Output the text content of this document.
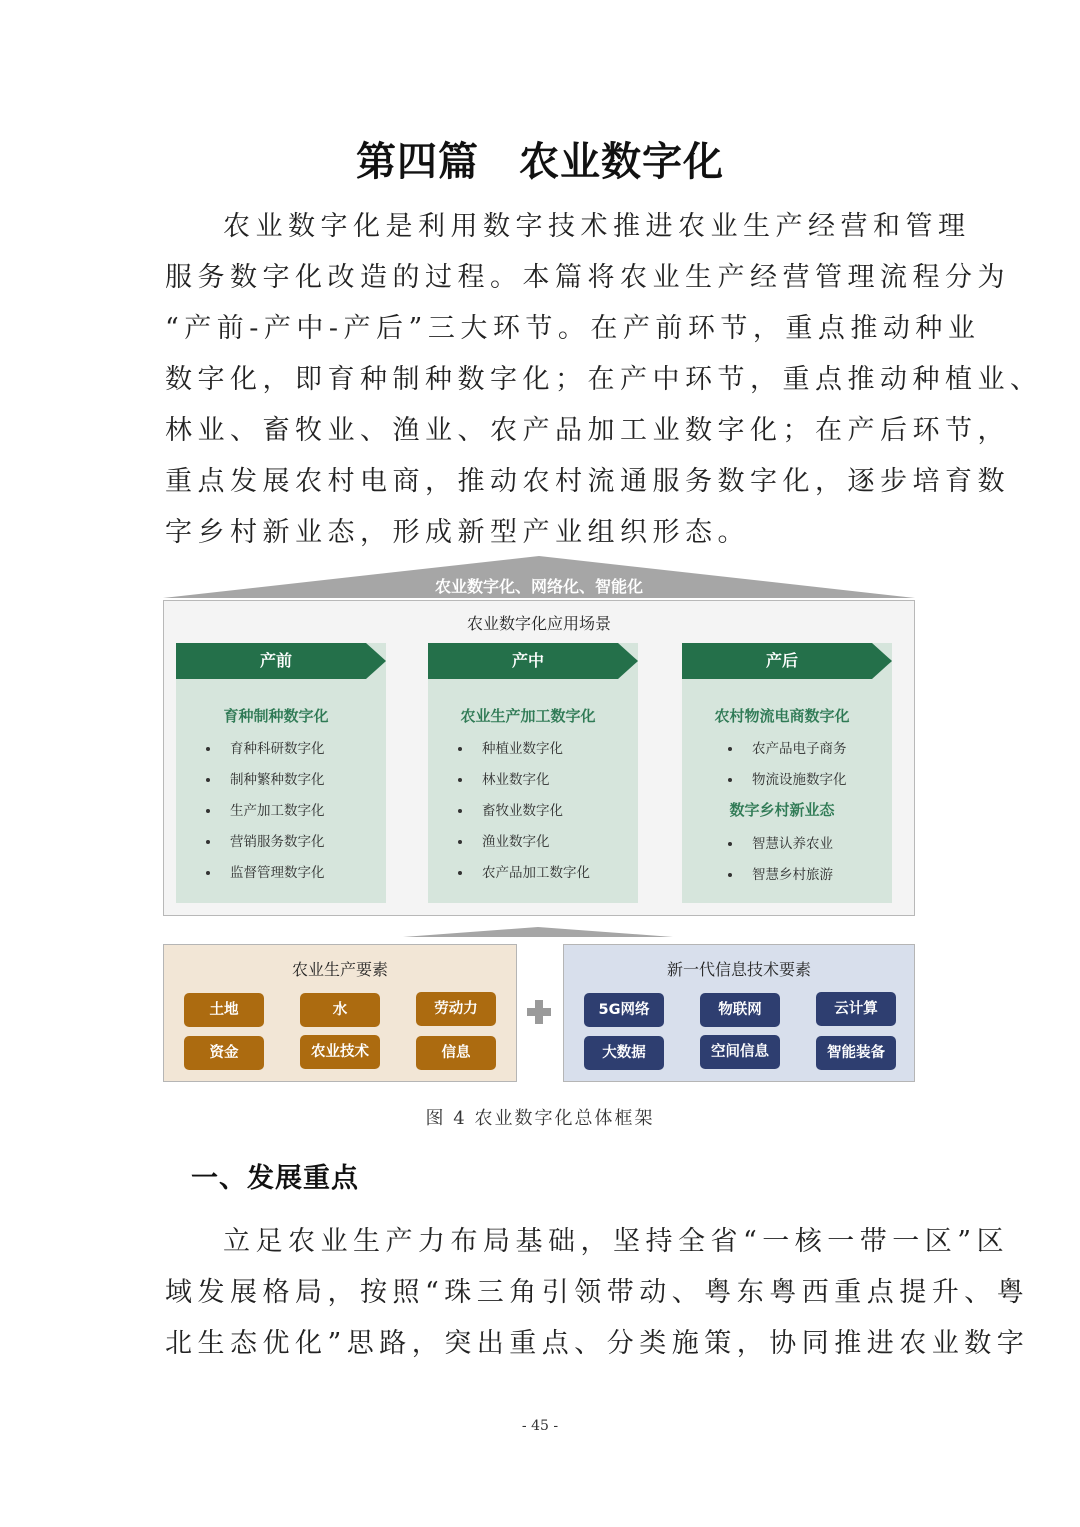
第四篇 农业数字化
农业数字化是利用数字技术推进农业生产经营和管理
服务数字化改造的过程。本篇将农业生产经营管理流程分为
“产前-产中-产后”三大环节。在产前环节，重点推动种业
数字化，即育种制种数字化；在产中环节，重点推动种植业、
林业、畜牧业、渔业、农产品加工业数字化；在产后环节，
重点发展农村电商，推动农村流通服务数字化，逐步培育数
字乡村新业态，形成新型产业组织形态。
农业数字化、网络化、智能化
农业数字化应用场景
产前
育种制种数字化
育种科研数字化
制种繁种数字化
生产加工数字化
营销服务数字化
监督管理数字化
产中
农业生产加工数字化
种植业数字化
林业数字化
畜牧业数字化
渔业数字化
农产品加工数字化
产后
农村物流电商数字化
农产品电子商务
物流设施数字化
数字乡村新业态
智慧认养农业
智慧乡村旅游
农业生产要素
土地	水	劳动力
资金	农业技术	信息
新一代信息技术要素
5G网络	物联网	云计算
大数据	空间信息	智能装备
图 4 农业数字化总体框架
一、发展重点
立足农业生产力布局基础，坚持全省“一核一带一区”区
域发展格局，按照“珠三角引领带动、粤东粤西重点提升、粤
北生态优化”思路，突出重点、分类施策，协同推进农业数字
- 45 -
